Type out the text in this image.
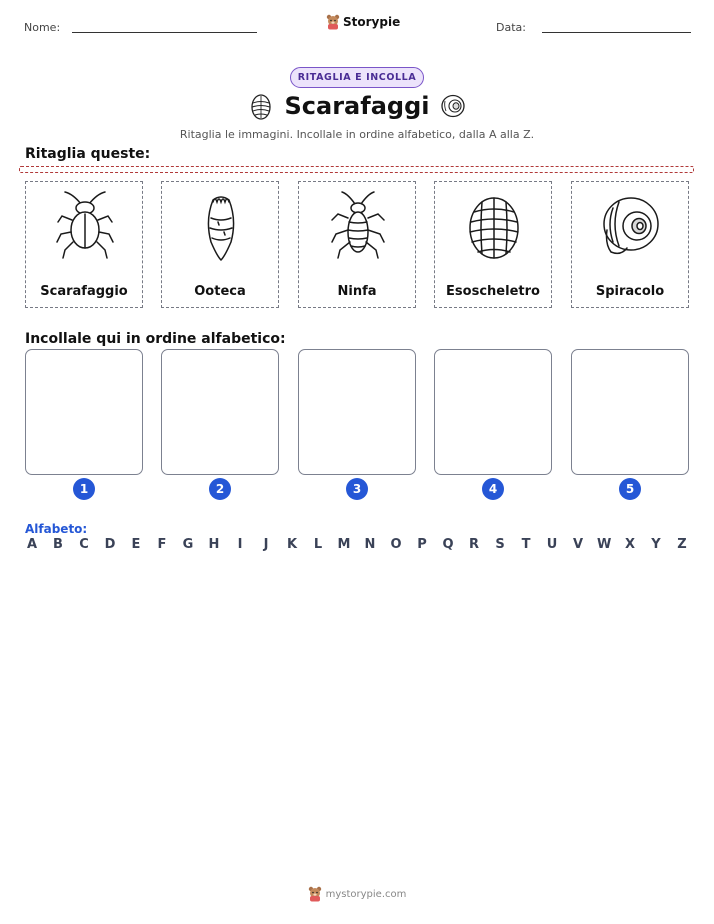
Nome:	Storypie	Data:
RITAGLIA E INCOLLA
Scarafaggi
Ritaglia le immagini. Incollale in ordine alfabetico, dalla A alla Z.
Ritaglia queste:
Scarafaggio	Ooteca	Ninfa	Esoscheletro	Spiracolo
Incollale qui in ordine alfabetico:
1	2	3	4	5
Alfabeto:
A B C D E F G H	I	J	K L M N O P Q R S T U V W X Y Z
mystorypie.com
